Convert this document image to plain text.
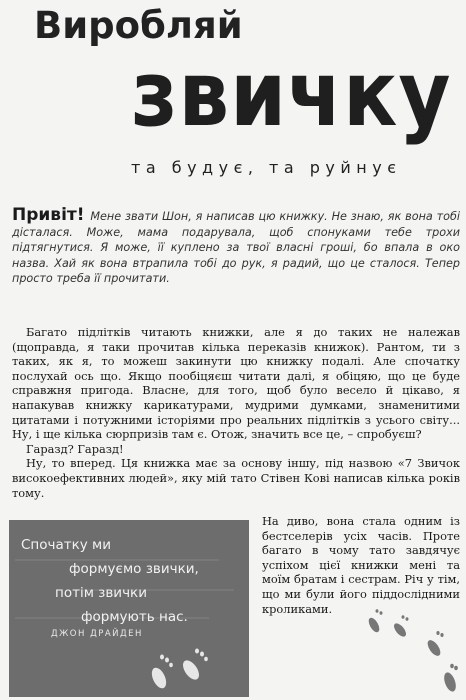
Виробляй
звичку
та будує, та руйнує
Привіт! Мене звати Шон, я написав цю книжку. Не знаю, як вона тобі дісталася. Може, мама подарувала, щоб спонуками тебе трохи підтягнутися. Я може, її куплено за твої власні гроші, бо впала в око назва. Хай як вона втрапила тобі до рук, я радий, що це сталося. Тепер просто треба її прочитати.

Багато підлітків читають книжки, але я до таких не належав (щоправда, я таки прочитав кілька переказів книжок). Рантом, ти з таких, як я, то можеш закинути цю книжку подалі. Але спочатку послухай ось що. Якщо пообіцяєш читати далі, я обіцяю, що це буде справжня пригода. Власне, для того, щоб було весело й цікаво, я напакував книжку карикатурами, мудрими думками, знаменитими цитатами і потужними історіями про реальних підлітків з усього світу... Ну, і ще кілька сюрпризів там є. Отож, значить все це, – спробуєш?

Гаразд? Гаразд!

Ну, то вперед. Ця книжка має за основу іншу, під назвою «7 Звичок високоефективних людей», яку мій тато Стівен Кові написав кілька років тому.

На диво, вона стала одним із бестселерів усіх часів. Проте багато в чому тато завдячує успіхом цієї книжки мені та моїм братам і сестрам. Річ у тім, що ми були його піддослідними кроликами.

Спочатку ми
формуємо звички,
потім звички
формують нас.
ДЖОН ДРАЙДЕН
